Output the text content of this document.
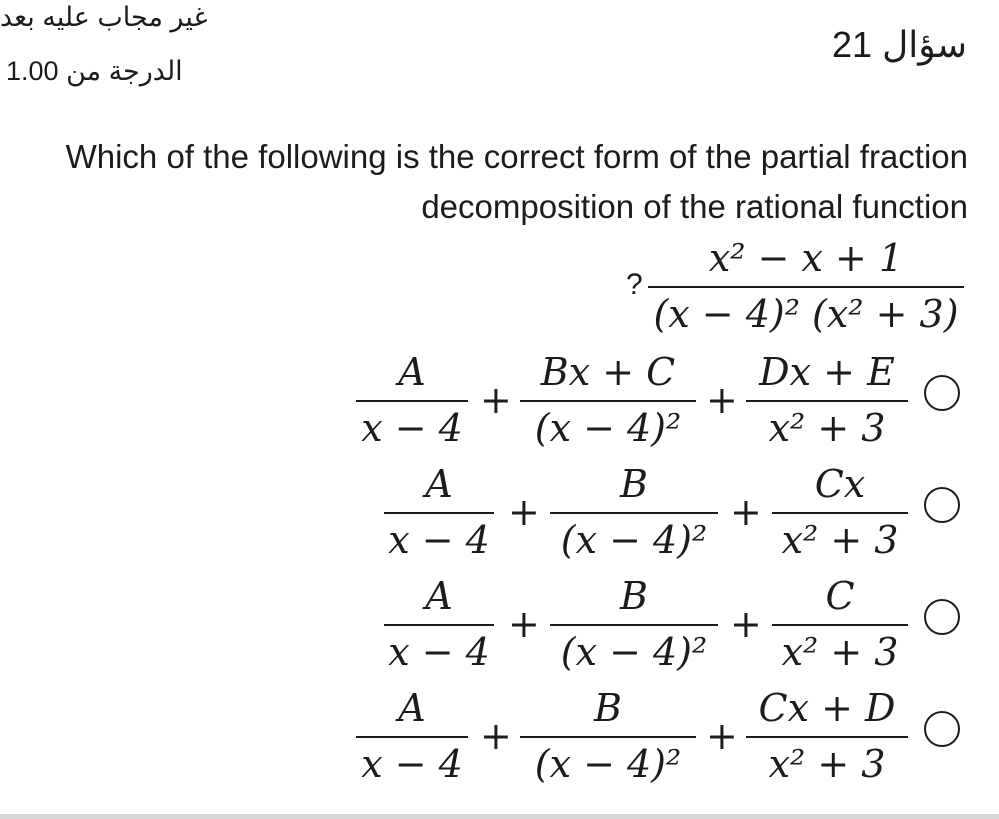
غير مجاب عليه بعد
الدرجة من 1.00
سؤال 21
Which of the following is the correct form of the partial fraction decomposition of the rational function
?
x² − x + 1
(x − 4)² (x² + 3)
A
x − 4
+
Bx + C
(x − 4)²
+
Dx + E
x² + 3
A
x − 4
+
B
(x − 4)²
+
Cx
x² + 3
A
x − 4
+
B
(x − 4)²
+
C
x² + 3
A
x − 4
+
B
(x − 4)²
+
Cx + D
x² + 3
